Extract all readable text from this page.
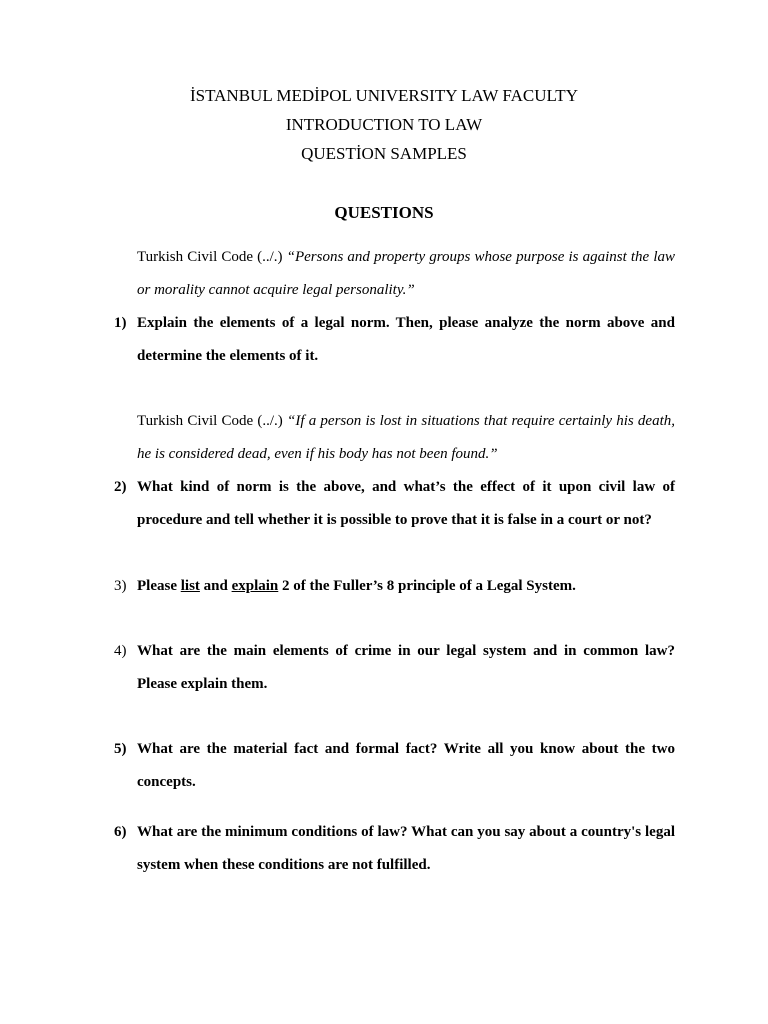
İSTANBUL MEDİPOL UNIVERSITY LAW FACULTY
INTRODUCTION TO LAW
QUESTİON SAMPLES
QUESTIONS
Turkish Civil Code (../.) “Persons and property groups whose purpose is against the law or morality cannot acquire legal personality.”
1) Explain the elements of a legal norm. Then, please analyze the norm above and determine the elements of it.
Turkish Civil Code (../.) “If a person is lost in situations that require certainly his death, he is considered dead, even if his body has not been found.”
2) What kind of norm is the above, and what’s the effect of it upon civil law of procedure and tell whether it is possible to prove that it is false in a court or not?
3) Please list and explain 2 of the Fuller’s 8 principle of a Legal System.
4) What are the main elements of crime in our legal system and in common law? Please explain them.
5) What are the material fact and formal fact? Write all you know about the two concepts.
6) What are the minimum conditions of law? What can you say about a country's legal system when these conditions are not fulfilled.
